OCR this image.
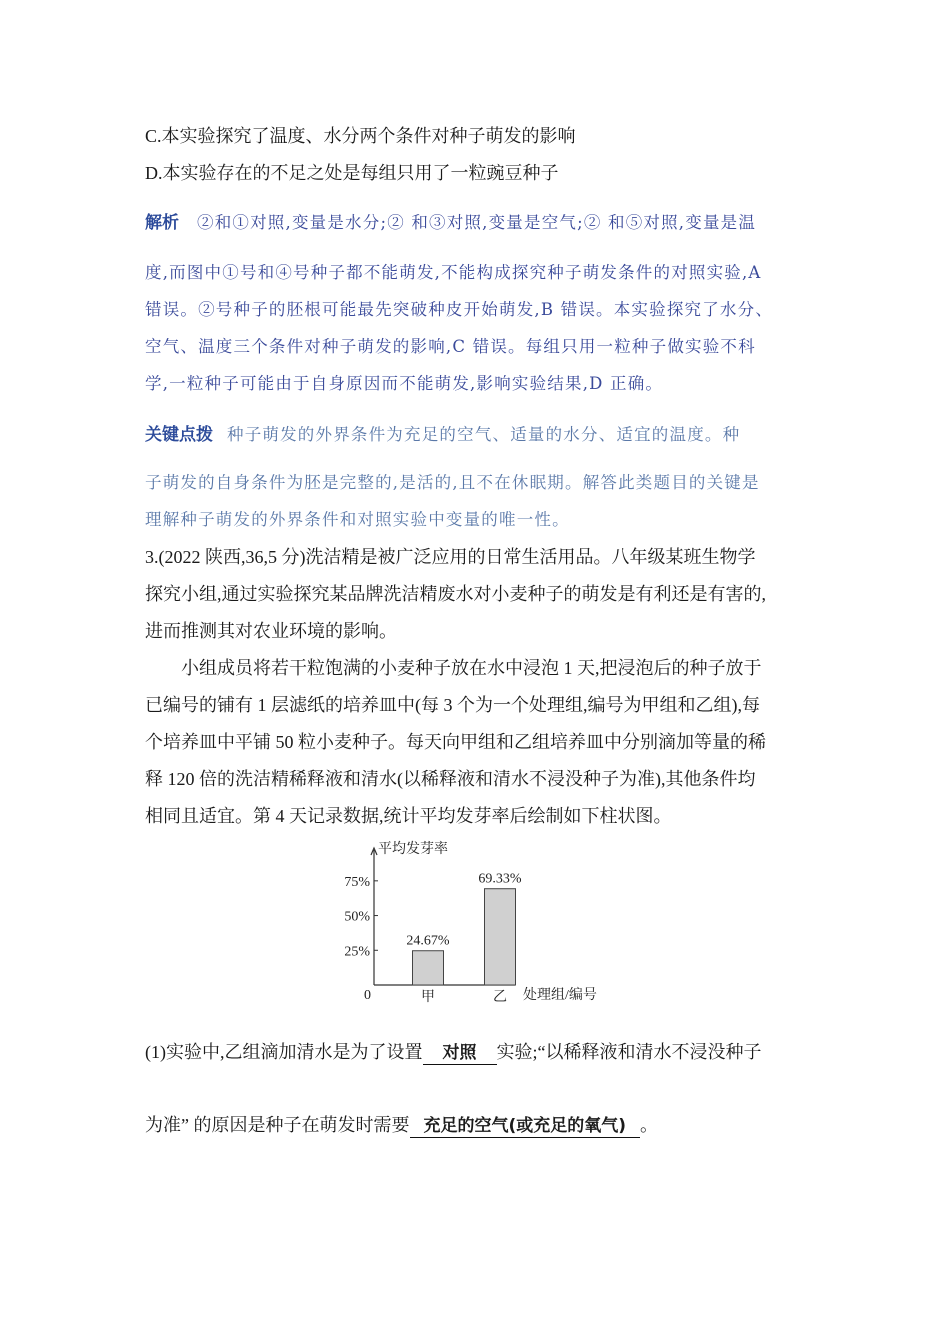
C.本实验探究了温度、水分两个条件对种子萌发的影响
D.本实验存在的不足之处是每组只用了一粒豌豆种子
解析 ②和①对照,变量是水分;② 和③对照,变量是空气;② 和⑤对照,变量是温
度,而图中①号和④号种子都不能萌发,不能构成探究种子萌发条件的对照实验,A
错误。②号种子的胚根可能最先突破种皮开始萌发,B 错误。本实验探究了水分、
空气、温度三个条件对种子萌发的影响,C 错误。每组只用一粒种子做实验不科
学,一粒种子可能由于自身原因而不能萌发,影响实验结果,D 正确。
关键点拨 种子萌发的外界条件为充足的空气、适量的水分、适宜的温度。种
子萌发的自身条件为胚是完整的,是活的,且不在休眠期。解答此类题目的关键是
理解种子萌发的外界条件和对照实验中变量的唯一性。
3.(2022 陕西,36,5 分)洗洁精是被广泛应用的日常生活用品。八年级某班生物学
探究小组,通过实验探究某品牌洗洁精废水对小麦种子的萌发是有利还是有害的,
进而推测其对农业环境的影响。
小组成员将若干粒饱满的小麦种子放在水中浸泡 1 天,把浸泡后的种子放于
已编号的铺有 1 层滤纸的培养皿中(每 3 个为一个处理组,编号为甲组和乙组),每
个培养皿中平铺 50 粒小麦种子。每天向甲组和乙组培养皿中分别滴加等量的稀
释 120 倍的洗洁精稀释液和清水(以稀释液和清水不浸没种子为准),其他条件均
相同且适宜。第 4 天记录数据,统计平均发芽率后绘制如下柱状图。
平均发芽率
处理组/编号
0
25%
50%
75%
24.67%
甲
69.33%
乙
(1)实验中,乙组滴加清水是为了设置 对照 实验;“以稀释液和清水不浸没种子
为准” 的原因是种子在萌发时需要 充足的空气(或充足的氧气) 。
